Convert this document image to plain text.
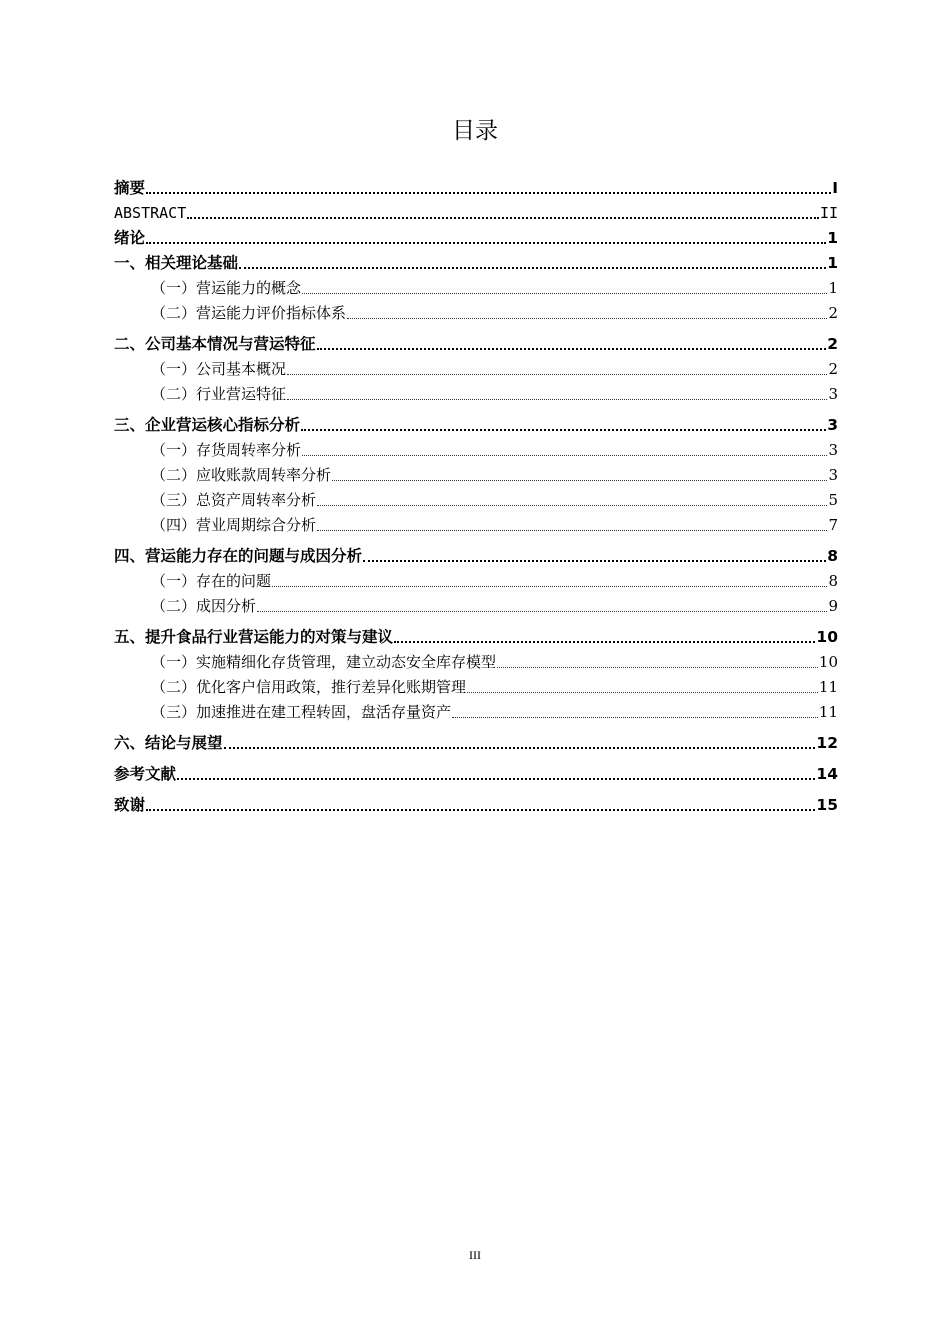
目录
摘要	I
ABSTRACT	II
绪论	1
一、相关理论基础	1
（一）营运能力的概念	1
（二）营运能力评价指标体系	2
二、公司基本情况与营运特征	2
（一）公司基本概况	2
（二）行业营运特征	3
三、企业营运核心指标分析	3
（一）存货周转率分析	3
（二）应收账款周转率分析	3
（三）总资产周转率分析	5
（四）营业周期综合分析	7
四、营运能力存在的问题与成因分析	8
（一）存在的问题	8
（二）成因分析	9
五、提升食品行业营运能力的对策与建议	10
（一）实施精细化存货管理，建立动态安全库存模型	10
（二）优化客户信用政策，推行差异化账期管理	11
（三）加速推进在建工程转固，盘活存量资产	11
六、结论与展望	12
参考文献	14
致谢	15
III
